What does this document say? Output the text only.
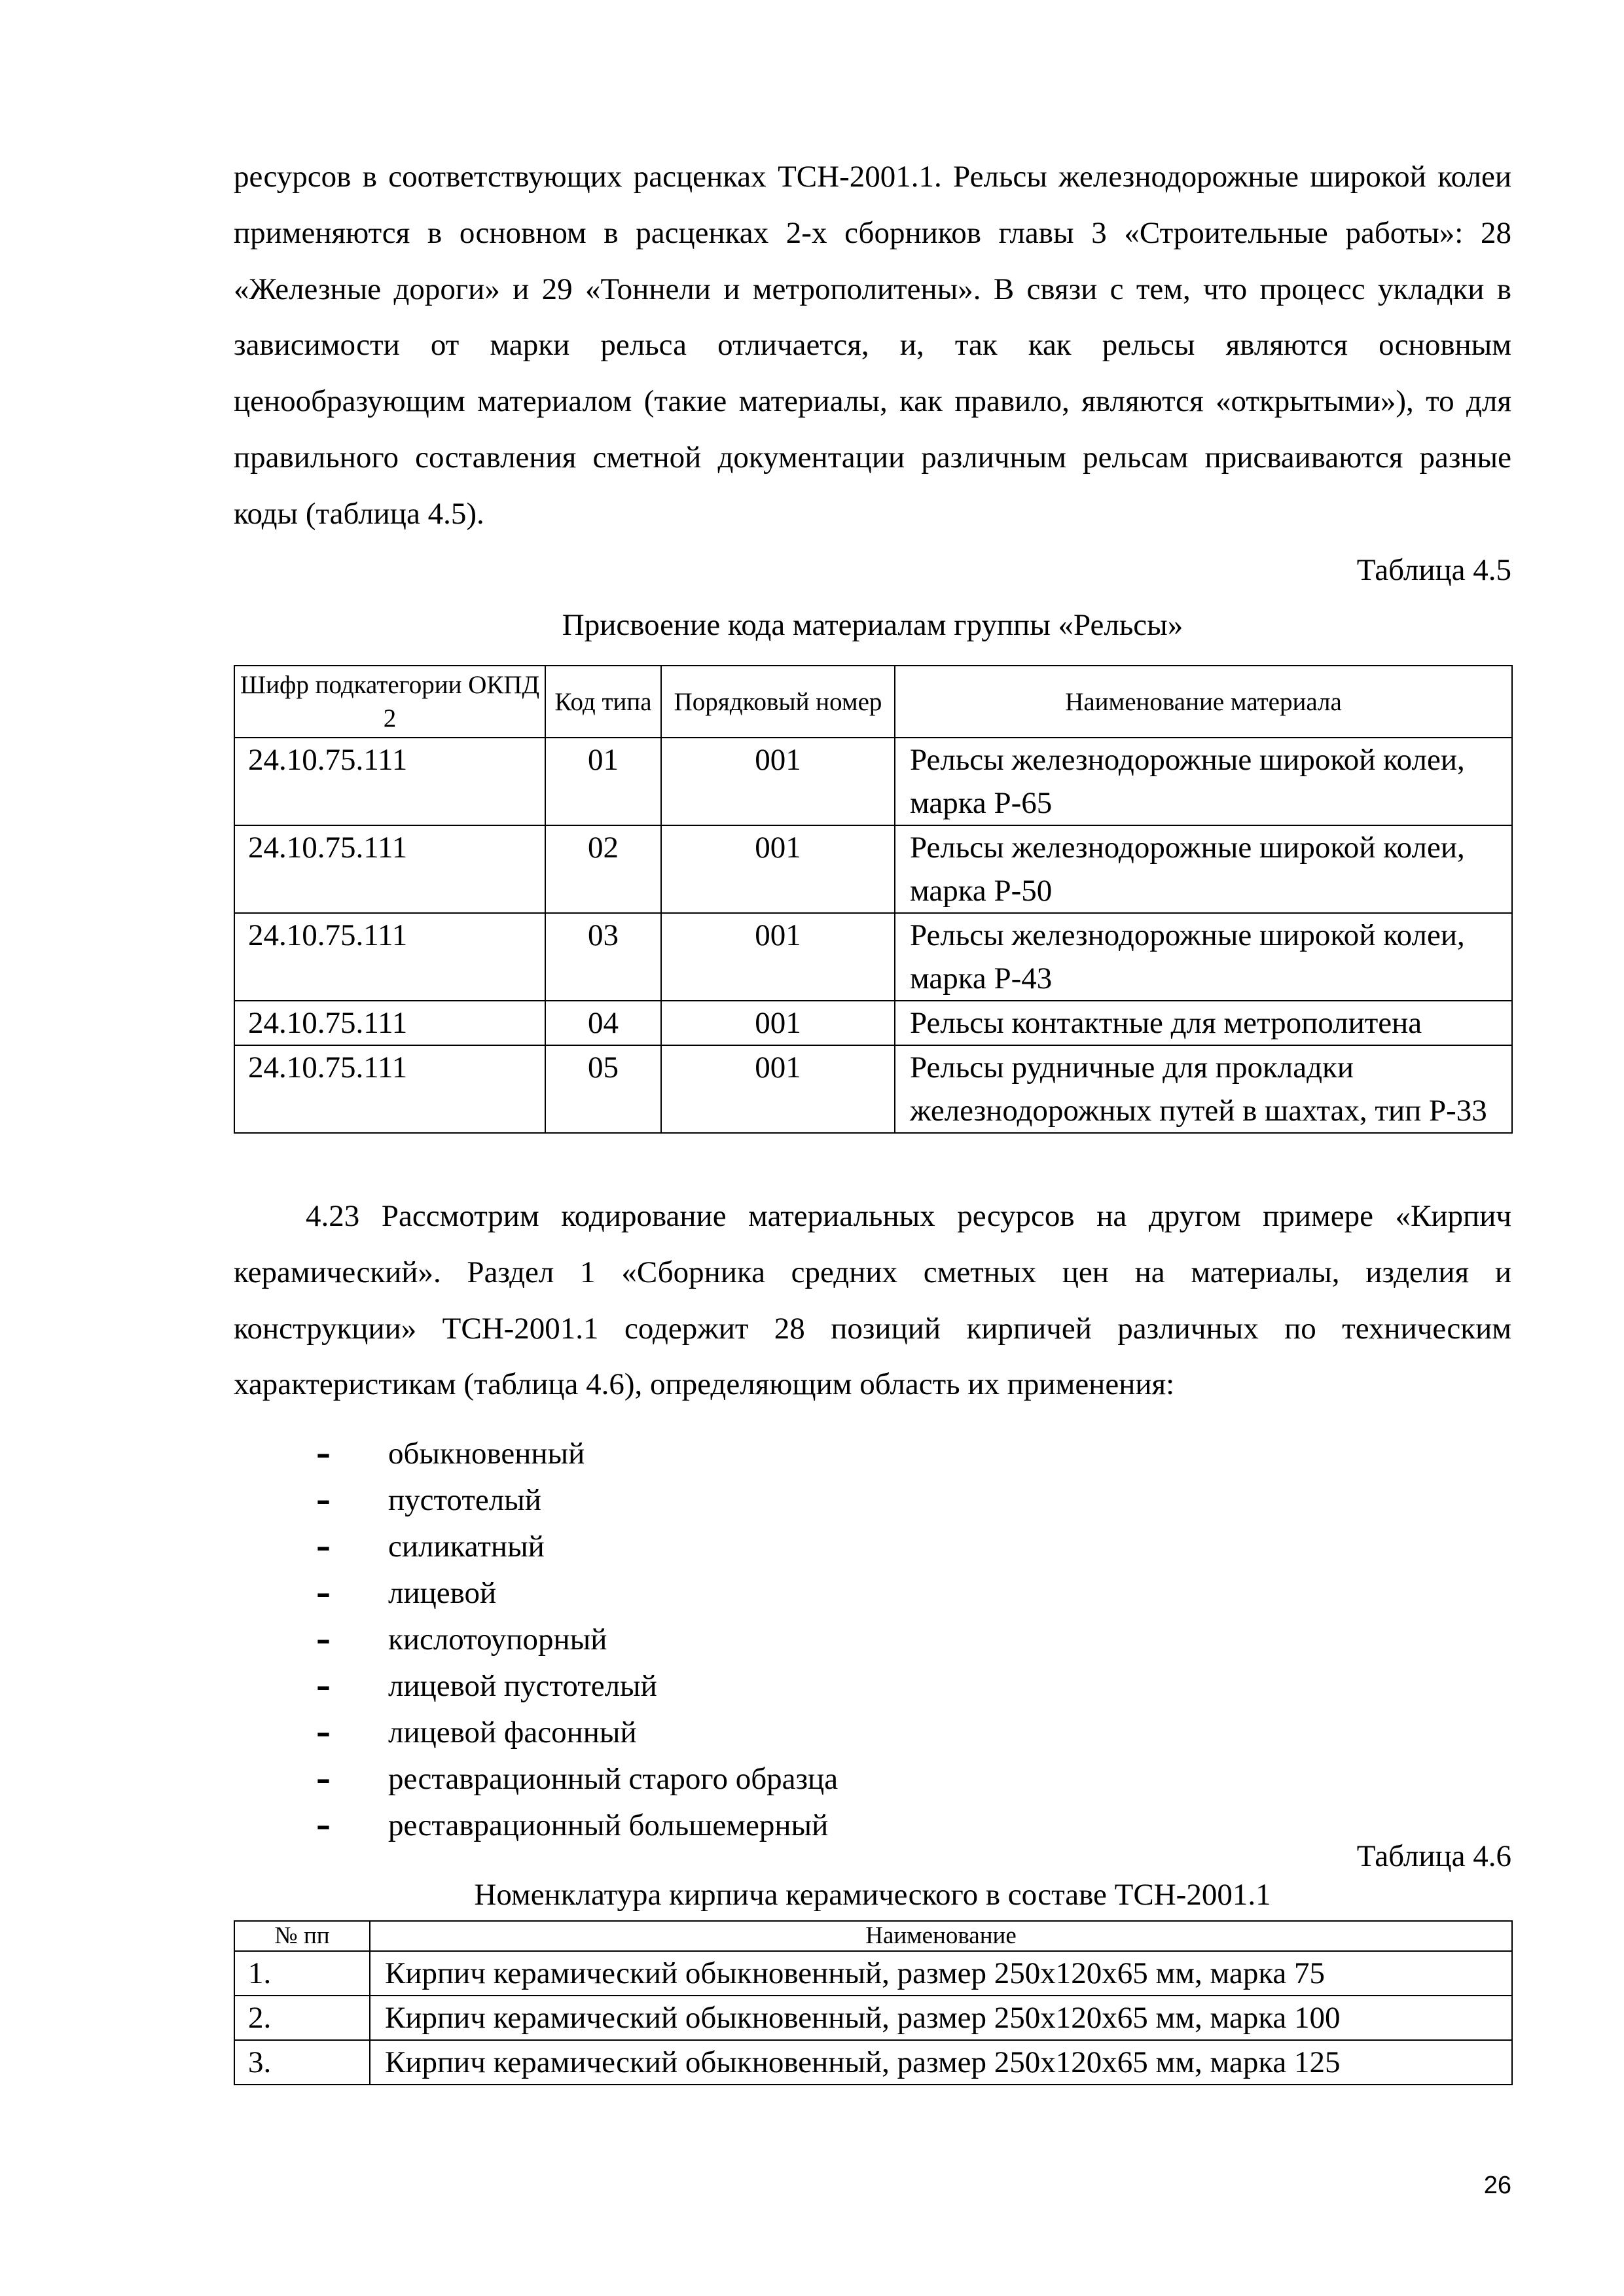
ресурсов в соответствующих расценках ТСН-2001.1. Рельсы железнодорожные широкой колеи применяются в основном в расценках 2-х сборников главы 3 «Строительные работы»: 28 «Железные дороги» и 29 «Тоннели и метрополитены». В связи с тем, что процесс укладки в зависимости от марки рельса отличается, и, так как рельсы являются основным ценообразующим материалом (такие материалы, как правило, являются «открытыми»), то для правильного составления сметной документации различным рельсам присваиваются разные коды (таблица 4.5).

Таблица 4.5
Присвоение кода материалам группы «Рельсы»
Шифр подкатегории ОКПД 2	Код типа	Порядковый номер	Наименование материала
24.10.75.111	01	001	Рельсы железнодорожные широкой колеи, марка Р-65
24.10.75.111	02	001	Рельсы железнодорожные широкой колеи, марка Р-50
24.10.75.111	03	001	Рельсы железнодорожные широкой колеи, марка Р-43
24.10.75.111	04	001	Рельсы контактные для метрополитена
24.10.75.111	05	001	Рельсы рудничные для прокладки железнодорожных путей в шахтах, тип Р-33

4.23 Рассмотрим кодирование материальных ресурсов на другом примере «Кирпич керамический». Раздел 1 «Сборника средних сметных цен на материалы, изделия и конструкции» ТСН-2001.1 содержит 28 позиций кирпичей различных по техническим характеристикам (таблица 4.6), определяющим область их применения:

– обыкновенный
– пустотелый
– силикатный
– лицевой
– кислотоупорный
– лицевой пустотелый
– лицевой фасонный
– реставрационный старого образца
– реставрационный большемерный
Таблица 4.6
Номенклатура кирпича керамического в составе ТСН-2001.1
№ пп	Наименование
1.	Кирпич керамический обыкновенный, размер 250х120х65 мм, марка 75
2.	Кирпич керамический обыкновенный, размер 250х120х65 мм, марка 100
3.	Кирпич керамический обыкновенный, размер 250х120х65 мм, марка 125
26
